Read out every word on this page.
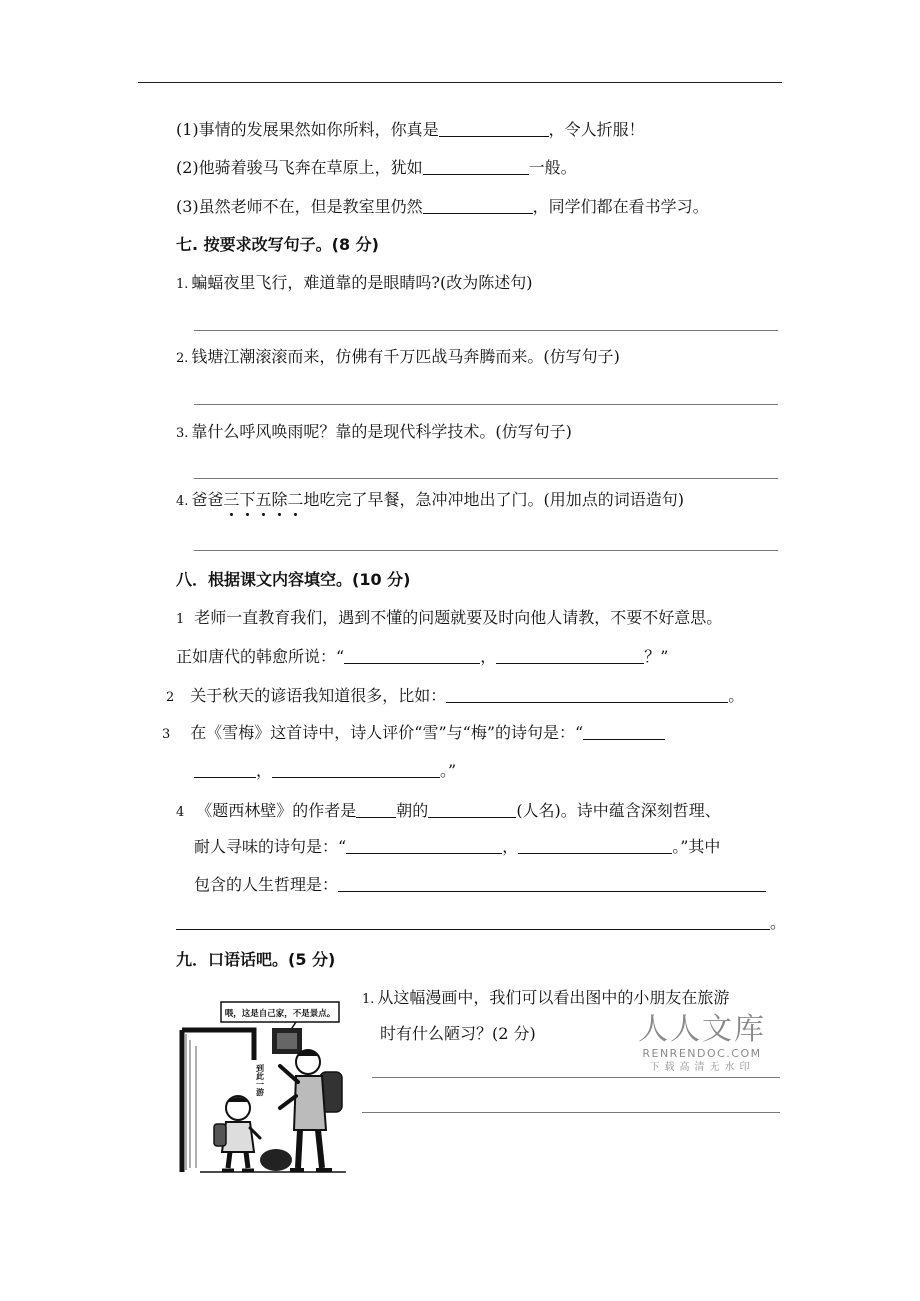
(1)事情的发展果然如你所料，你真是	，令人折服！
(2)他骑着骏马飞奔在草原上，犹如	一般。
(3)虽然老师不在，但是教室里仍然	，同学们都在看书学习。
七. 按要求改写句子。(8 分)
1. 蝙蝠夜里飞行，难道靠的是眼睛吗?(改为陈述句)
2. 钱塘江潮滚滚而来，仿佛有千万匹战马奔腾而来。(仿写句子)
3. 靠什么呼风唤雨呢？靠的是现代科学技术。(仿写句子)
4. 爸爸三下五除二地吃完了早餐，急冲冲地出了门。(用加点的词语造句)
八．根据课文内容填空。(10 分)
1 老师一直教育我们，遇到不懂的问题就要及时向他人请教，不要不好意思。
正如唐代的韩愈所说：“	，	？”
2 关于秋天的谚语我知道很多，比如：	。
3 在《雪梅》这首诗中，诗人评价“雪”与“梅”的诗句是：“
，	。”
4 《题西林壁》的作者是	朝的	(人名)。诗中蕴含深刻哲理、
耐人寻味的诗句是：“	，	。”其中
包含的人生哲理是：
。
九．口语话吧。(5 分)
1. 从这幅漫画中，我们可以看出图中的小朋友在旅游
时有什么陋习？(2 分)
喂，这是自己家，不是景点。
到此一游
人人文库
RENRENDOC.COM
下载高清无水印
